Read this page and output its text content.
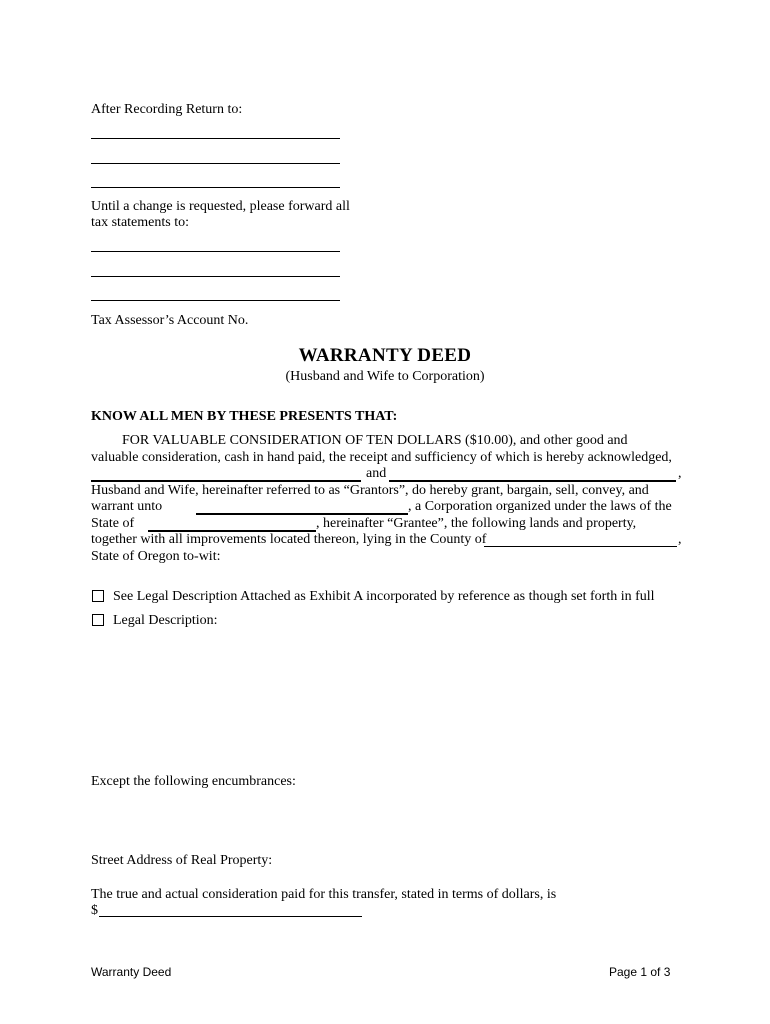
After Recording Return to:
Until a change is requested, please forward all
tax statements to:
Tax Assessor’s Account No.
WARRANTY DEED
(Husband and Wife to Corporation)
KNOW ALL MEN BY THESE PRESENTS THAT:
FOR VALUABLE CONSIDERATION OF TEN DOLLARS ($10.00), and other good and
valuable consideration, cash in hand paid, the receipt and sufficiency of which is hereby acknowledged,
and	,
Husband and Wife, hereinafter referred to as “Grantors”, do hereby grant, bargain, sell, convey, and
warrant unto	, a Corporation organized under the laws of the
State of	, hereinafter “Grantee”, the following lands and property,
together with all improvements located thereon, lying in the County of	,
State of Oregon to-wit:
See Legal Description Attached as Exhibit A incorporated by reference as though set forth in full
Legal Description:
Except the following encumbrances:
Street Address of Real Property:
The true and actual consideration paid for this transfer, stated in terms of dollars, is
$
Warranty Deed	Page 1 of 3
